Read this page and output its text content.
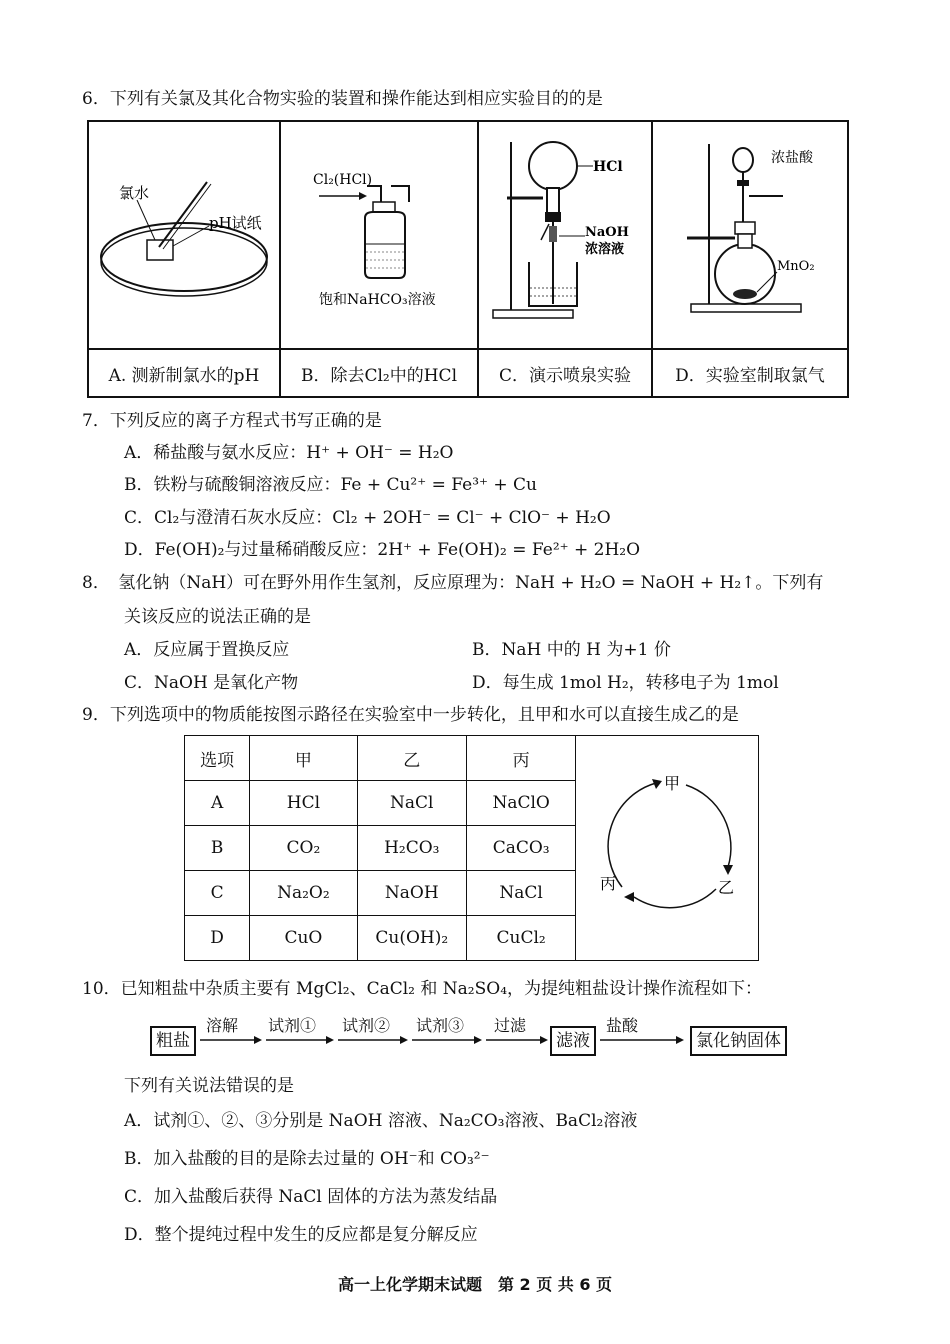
6．下列有关氯及其化合物实验的装置和操作能达到相应实验目的的是
氯水
pH试纸	Cl₂(HCl)
饱和NaHCO₃溶液	HCl
NaOH
浓溶液	浓盐酸
MnO₂

A. 测新制氯水的pH	B．除去Cl₂中的HCl	C．演示喷泉实验	D．实验室制取氯气
7．下列反应的离子方程式书写正确的是
A．稀盐酸与氨水反应：H⁺ + OH⁻ = H₂O
B．铁粉与硫酸铜溶液反应：Fe + Cu²⁺ = Fe³⁺ + Cu
C．Cl₂与澄清石灰水反应：Cl₂ + 2OH⁻ = Cl⁻ + ClO⁻ + H₂O
D．Fe(OH)₂与过量稀硝酸反应：2H⁺ + Fe(OH)₂ = Fe²⁺ + 2H₂O
8．　氢化钠（NaH）可在野外用作生氢剂，反应原理为：NaH + H₂O = NaOH + H₂↑。下列有
关该反应的说法正确的是
A．反应属于置换反应	B．NaH 中的 H 为+1 价
C．NaOH 是氧化产物	D．每生成 1mol H₂，转移电子为 1mol
9．下列选项中的物质能按图示路径在实验室中一步转化，且甲和水可以直接生成乙的是
选项	甲	乙	丙	甲
乙
丙

A	HCl	NaCl	NaClO	
B	CO₂	H₂CO₃	CaCO₃	
C	Na₂O₂	NaOH	NaCl	
D	CuO	Cu(OH)₂	CuCl₂	
10．已知粗盐中杂质主要有 MgCl₂、CaCl₂ 和 Na₂SO₄，为提纯粗盐设计操作流程如下：
粗盐
溶解 试剂① 试剂② 试剂③ 过滤
滤液
盐酸
氯化钠固体
下列有关说法错误的是
A．试剂①、②、③分别是 NaOH 溶液、Na₂CO₃溶液、BaCl₂溶液
B．加入盐酸的目的是除去过量的 OH⁻和 CO₃²⁻
C．加入盐酸后获得 NaCl 固体的方法为蒸发结晶
D．整个提纯过程中发生的反应都是复分解反应
高一上化学期末试题　第 2 页 共 6 页
